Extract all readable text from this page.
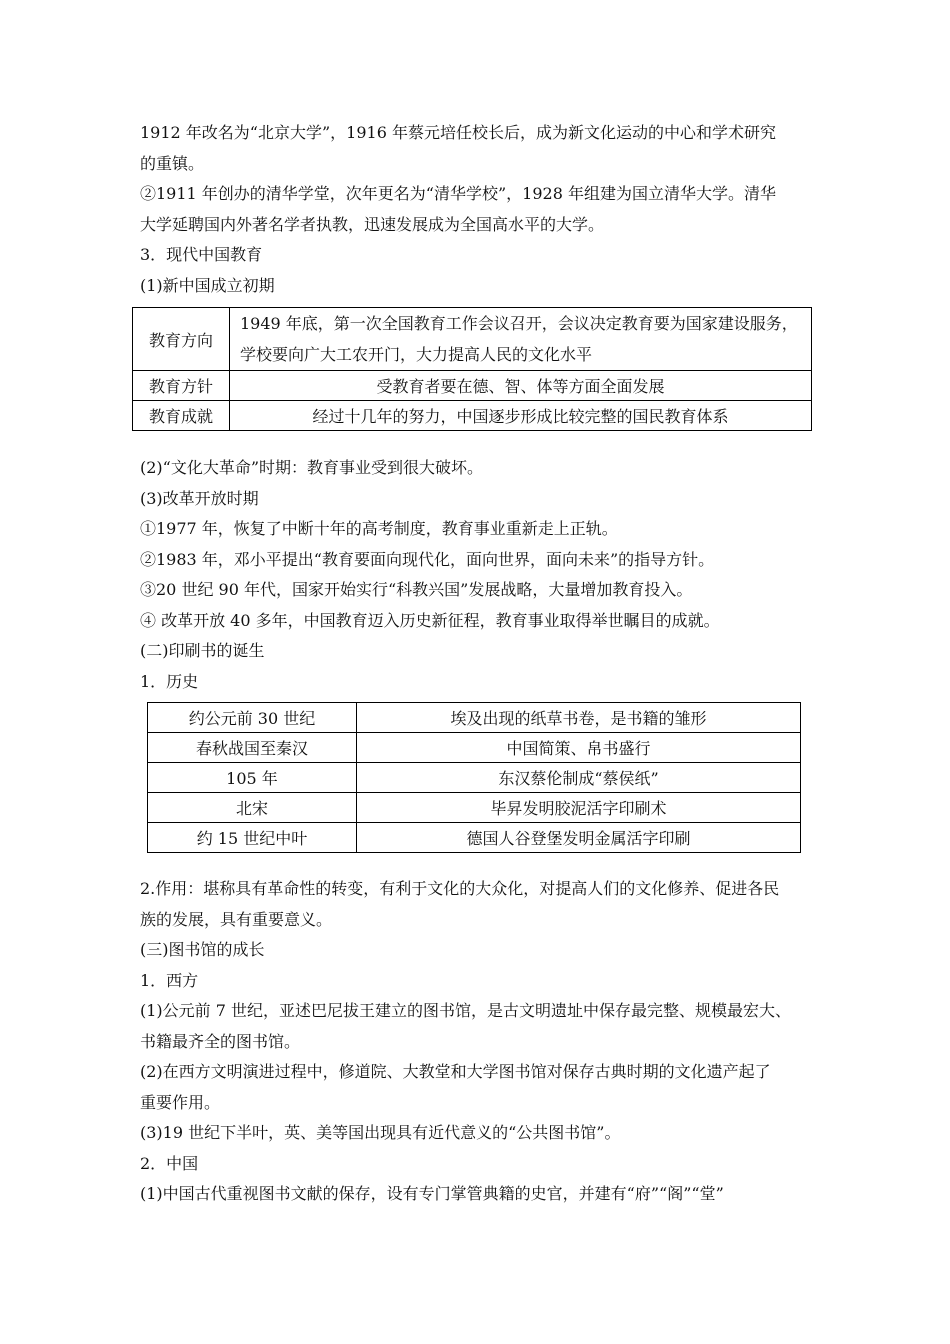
1912 年改名为“北京大学”，1916 年蔡元培任校长后，成为新文化运动的中心和学术研究
的重镇。
②1911 年创办的清华学堂，次年更名为“清华学校”，1928 年组建为国立清华大学。清华
大学延聘国内外著名学者执教，迅速发展成为全国高水平的大学。
3．现代中国教育
(1)新中国成立初期
教育方向	1949 年底，第一次全国教育工作会议召开，会议决定教育要为国家建设服务，学校要向广大工农开门，大力提高人民的文化水平
教育方针	受教育者要在德、智、体等方面全面发展
教育成就	经过十几年的努力，中国逐步形成比较完整的国民教育体系
(2)“文化大革命”时期：教育事业受到很大破坏。
(3)改革开放时期
①1977 年，恢复了中断十年的高考制度，教育事业重新走上正轨。
②1983 年，邓小平提出“教育要面向现代化，面向世界，面向未来”的指导方针。
③20 世纪 90 年代，国家开始实行“科教兴国”发展战略，大量增加教育投入。
④ 改革开放 40 多年，中国教育迈入历史新征程，教育事业取得举世瞩目的成就。
(二)印刷书的诞生
1．历史
约公元前 30 世纪	埃及出现的纸草书卷，是书籍的雏形
春秋战国至秦汉	中国简策、帛书盛行
105 年	东汉蔡伦制成“蔡侯纸”
北宋	毕昇发明胶泥活字印刷术
约 15 世纪中叶	德国人谷登堡发明金属活字印刷
2.作用：堪称具有革命性的转变，有利于文化的大众化，对提高人们的文化修养、促进各民
族的发展，具有重要意义。
(三)图书馆的成长
1．西方
(1)公元前 7 世纪，亚述巴尼拔王建立的图书馆，是古文明遗址中保存最完整、规模最宏大、
书籍最齐全的图书馆。
(2)在西方文明演进过程中，修道院、大教堂和大学图书馆对保存古典时期的文化遗产起了
重要作用。
(3)19 世纪下半叶，英、美等国出现具有近代意义的“公共图书馆”。
2．中国
(1)中国古代重视图书文献的保存，设有专门掌管典籍的史官，并建有“府”“阁”“堂”
